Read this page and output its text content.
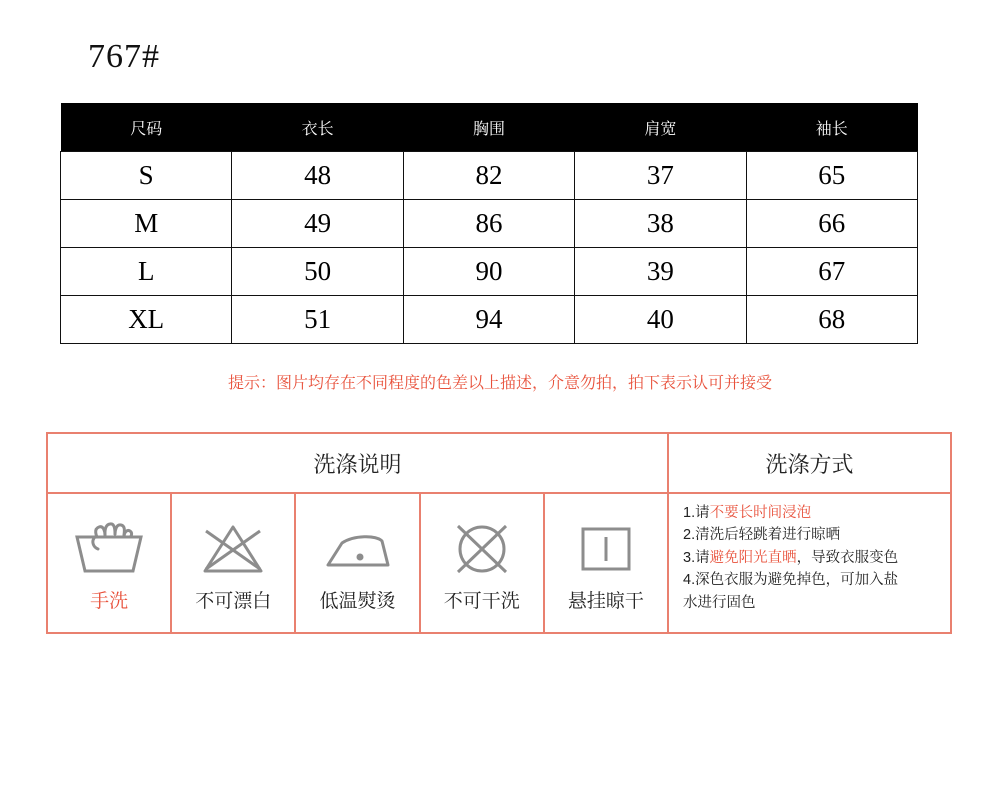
767#
尺码	衣长	胸围	肩宽	袖长
S	48	82	37	65
M	49	86	38	66
L	50	90	39	67
XL	51	94	40	68
提示：图片均存在不同程度的色差以上描述，介意勿拍，拍下表示认可并接受
洗涤说明	洗涤方式
手洗	不可漂白	低温熨烫	不可干洗	悬挂晾干
1.请不要长时间浸泡
2.清洗后轻跳着进行晾晒
3.请避免阳光直晒，导致衣服变色
4.深色衣服为避免掉色，可加入盐
水进行固色
